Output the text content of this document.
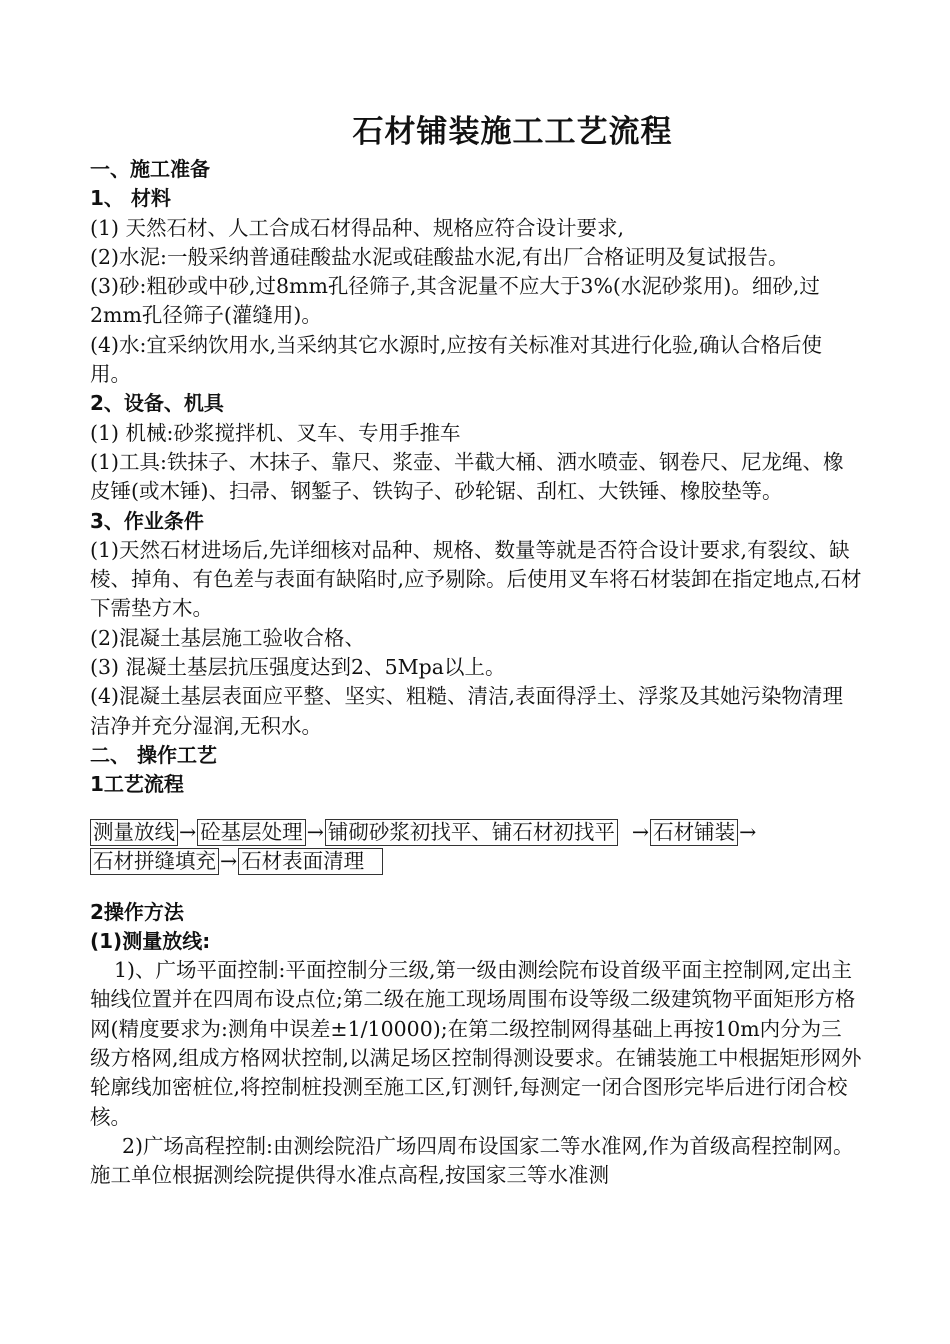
石材铺装施工工艺流程

一、施工准备

1、 材料

(1) 天然石材、人工合成石材得品种、规格应符合设计要求,

(2)水泥:一般采纳普通硅酸盐水泥或硅酸盐水泥,有出厂合格证明及复试报告。

(3)砂:粗砂或中砂,过8mm孔径筛子,其含泥量不应大于3%(水泥砂浆用)。细砂,过2mm孔径筛子(灌缝用)。

(4)水:宜采纳饮用水,当采纳其它水源时,应按有关标准对其进行化验,确认合格后使用。

2、设备、机具

(1) 机械:砂浆搅拌机、叉车、专用手推车

(1)工具:铁抹子、木抹子、靠尺、浆壶、半截大桶、洒水喷壶、钢卷尺、尼龙绳、橡皮锤(或木锤)、扫帚、钢錾子、铁钩子、砂轮锯、刮杠、大铁锤、橡胶垫等。

3、作业条件

(1)天然石材进场后,先详细核对品种、规格、数量等就是否符合设计要求,有裂纹、缺棱、掉角、有色差与表面有缺陷时,应予剔除。后使用叉车将石材装卸在指定地点,石材下需垫方木。

(2)混凝土基层施工验收合格、

(3) 混凝土基层抗压强度达到2、5Mpa以上。

(4)混凝土基层表面应平整、坚实、粗糙、清洁,表面得浮土、浮浆及其她污染物清理洁净并充分湿润,无积水。

二、 操作工艺

1工艺流程

测量放线 → 砼基层处理 → 铺砌砂浆初找平、铺石材初找平 → 石材铺装 →
石材拼缝填充 → 石材表面清理

2操作方法

(1)测量放线:

1)、广场平面控制:平面控制分三级,第一级由测绘院布设首级平面主控制网,定出主轴线位置并在四周布设点位;第二级在施工现场周围布设等级二级建筑物平面矩形方格网(精度要求为:测角中误差±1/10000);在第二级控制网得基础上再按10m内分为三级方格网,组成方格网状控制,以满足场区控制得测设要求。在铺装施工中根据矩形网外轮廓线加密桩位,将控制桩投测至施工区,钉测钎,每测定一闭合图形完毕后进行闭合校核。

2)广场高程控制:由测绘院沿广场四周布设国家二等水准网,作为首级高程控制网。施工单位根据测绘院提供得水准点高程,按国家三等水准测
